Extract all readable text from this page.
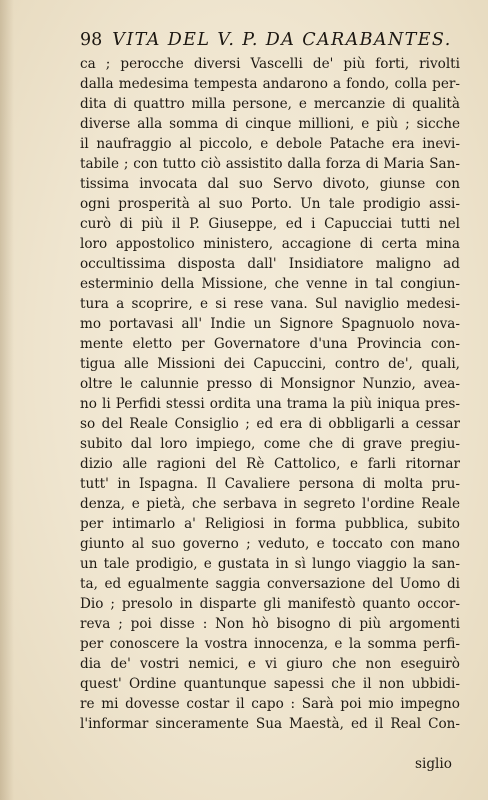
98 VITA DEL V. P. DA CARABANTES.
ca ; perocche diversi Vascelli de' più forti, rivolti
dalla medesima tempesta andarono a fondo, colla per-
dita di quattro milla persone, e mercanzie di qualità
diverse alla somma di cinque millioni, e più ; sicche
il naufraggio al piccolo, e debole Patache era inevi-
tabile ; con tutto ciò assistito dalla forza di Maria San-
tissima invocata dal suo Servo divoto, giunse con
ogni prosperità al suo Porto. Un tale prodigio assi-
curò di più il P. Giuseppe, ed i Capucciai tutti nel
loro appostolico ministero, accagione di certa mina
occultissima disposta dall' Insidiatore maligno ad
esterminio della Missione, che venne in tal congiun-
tura a scoprire, e si rese vana. Sul naviglio medesi-
mo portavasi all' Indie un Signore Spagnuolo nova-
mente eletto per Governatore d'una Provincia con-
tigua alle Missioni dei Capuccini, contro de', quali,
oltre le calunnie presso di Monsignor Nunzio, avea-
no li Perfidi stessi ordita una trama la più iniqua pres-
so del Reale Consiglio ; ed era di obbligarli a cessar
subito dal loro impiego, come che di grave pregiu-
dizio alle ragioni del Rè Cattolico, e farli ritornar
tutt' in Ispagna. Il Cavaliere persona di molta pru-
denza, e pietà, che serbava in segreto l'ordine Reale
per intimarlo a' Religiosi in forma pubblica, subito
giunto al suo governo ; veduto, e toccato con mano
un tale prodigio, e gustata in sì lungo viaggio la san-
ta, ed egualmente saggia conversazione del Uomo di
Dio ; presolo in disparte gli manifestò quanto occor-
reva ; poi disse : Non hò bisogno di più argomenti
per conoscere la vostra innocenza, e la somma perfi-
dia de' vostri nemici, e vi giuro che non eseguirò
quest' Ordine quantunque sapessi che il non ubbidi-
re mi dovesse costar il capo : Sarà poi mio impegno
l'informar sinceramente Sua Maestà, ed il Real Con-
siglio
